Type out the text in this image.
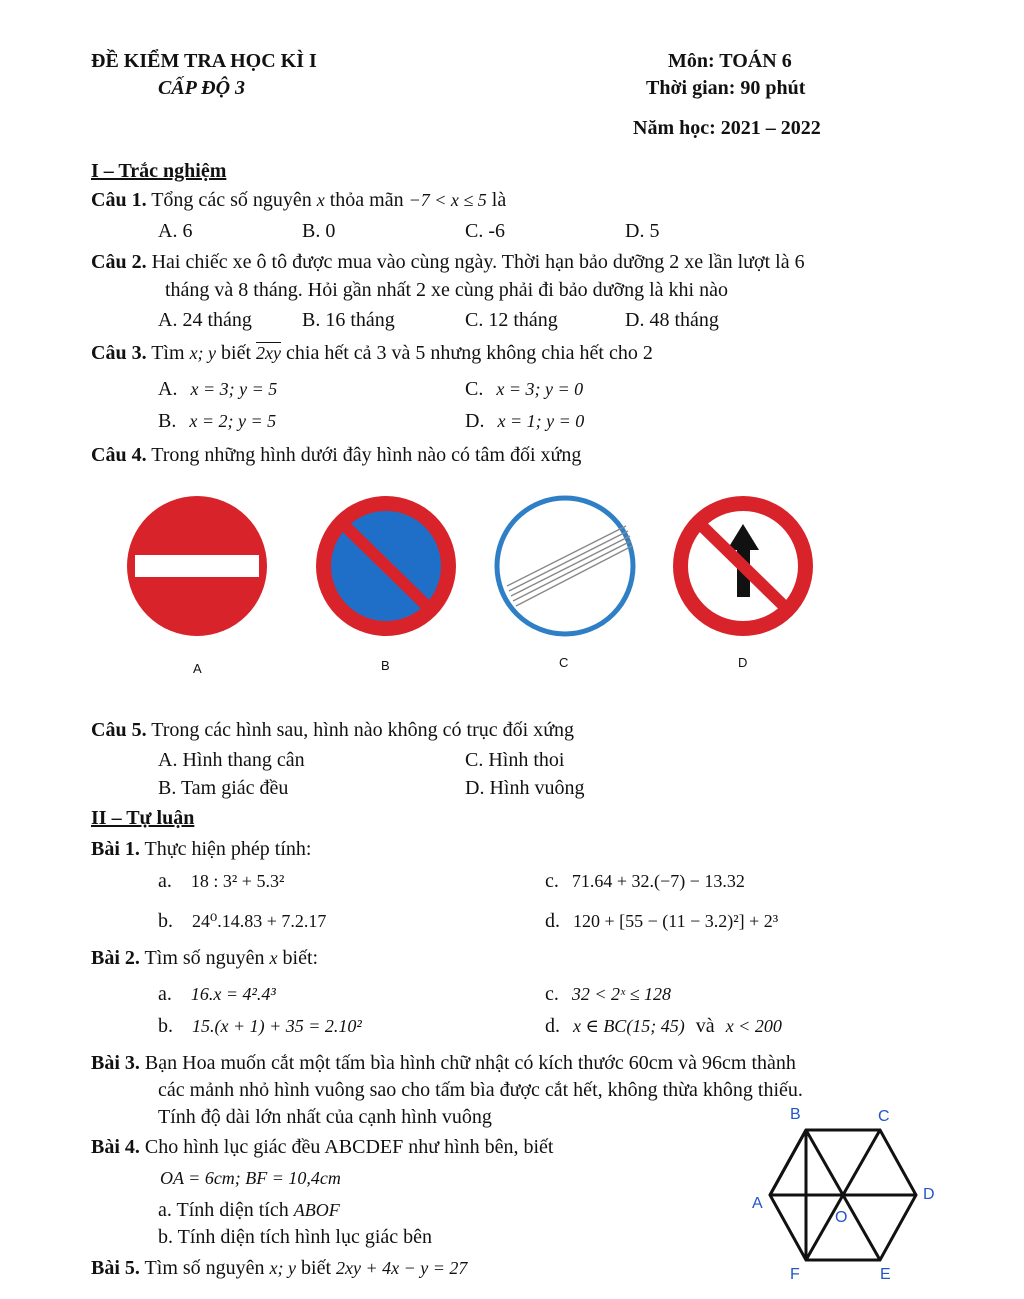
ĐỀ KIỂM TRA HỌC KÌ I
CẤP ĐỘ 3
Môn: TOÁN 6
Thời gian: 90 phút
Năm học: 2021 – 2022
I – Trắc nghiệm
Câu 1. Tổng các số nguyên x thỏa mãn −7 < x ≤ 5 là
A. 6	B. 0	C. -6	D. 5
Câu 2. Hai chiếc xe ô tô được mua vào cùng ngày. Thời hạn bảo dưỡng 2 xe lần lượt là 6
tháng và 8 tháng. Hỏi gần nhất 2 xe cùng phải đi bảo dưỡng là khi nào
A. 24 tháng	B. 16 tháng	C. 12 tháng	D. 48 tháng
Câu 3. Tìm x; y biết 2xy chia hết cả 3 và 5 nhưng không chia hết cho 2
A. x = 3; y = 5	C. x = 3; y = 0
B. x = 2; y = 5	D. x = 1; y = 0
Câu 4. Trong những hình dưới đây hình nào có tâm đối xứng
A	B	C	D
Câu 5. Trong các hình sau, hình nào không có trục đối xứng
A. Hình thang cân	C. Hình thoi
B. Tam giác đều	D. Hình vuông
II – Tự luận
Bài 1. Thực hiện phép tính:
a. 18 : 3² + 5.3²	c. 71.64 + 32.(−7) − 13.32
b. 24⁰.14.83 + 7.2.17	d. 120 + [55 − (11 − 3.2)²] + 2³
Bài 2. Tìm số nguyên x biết:
a. 16.x = 4².4³	c. 32 < 2ˣ ≤ 128
b. 15.(x + 1) + 35 = 2.10²	d. x ∈ BC(15; 45) và x < 200
Bài 3. Bạn Hoa muốn cắt một tấm bìa hình chữ nhật có kích thước 60cm và 96cm thành
các mảnh nhỏ hình vuông sao cho tấm bìa được cắt hết, không thừa không thiếu.
Tính độ dài lớn nhất của cạnh hình vuông
Bài 4. Cho hình lục giác đều ABCDEF như hình bên, biết
OA = 6cm; BF = 10,4cm
a. Tính diện tích ABOF
b. Tính diện tích hình lục giác bên
Bài 5. Tìm số nguyên x; y biết 2xy + 4x − y = 27
B	C
D
E
F
A
O
